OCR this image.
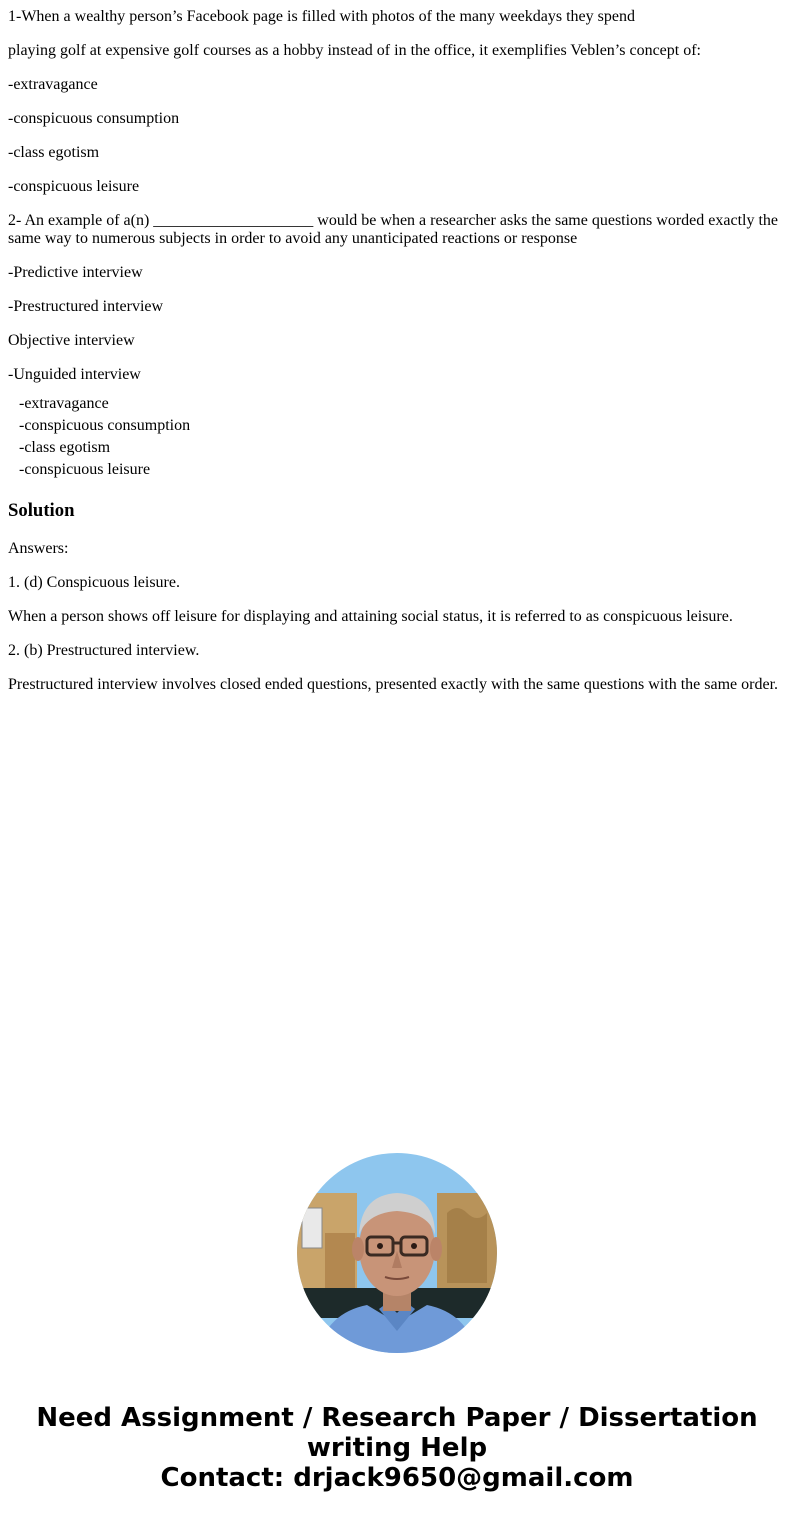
1-When a wealthy person’s Facebook page is filled with photos of the many weekdays they spend

playing golf at expensive golf courses as a hobby instead of in the office, it exemplifies Veblen’s concept of:

-extravagance

-conspicuous consumption

-class egotism

-conspicuous leisure

2- An example of a(n) ____________________ would be when a researcher asks the same questions worded exactly the same way to numerous subjects in order to avoid any unanticipated reactions or response

-Predictive interview

-Prestructured interview

Objective interview

-Unguided interview

-extravagance
-conspicuous consumption
-class egotism
-conspicuous leisure
Solution

Answers:

1. (d) Conspicuous leisure.

When a person shows off leisure for displaying and attaining social status, it is referred to as conspicuous leisure.

2. (b) Prestructured interview.

Prestructured interview involves closed ended questions, presented exactly with the same questions with the same order.

Need Assignment / Research Paper / Dissertation
writing Help
Contact: drjack9650@gmail.com
